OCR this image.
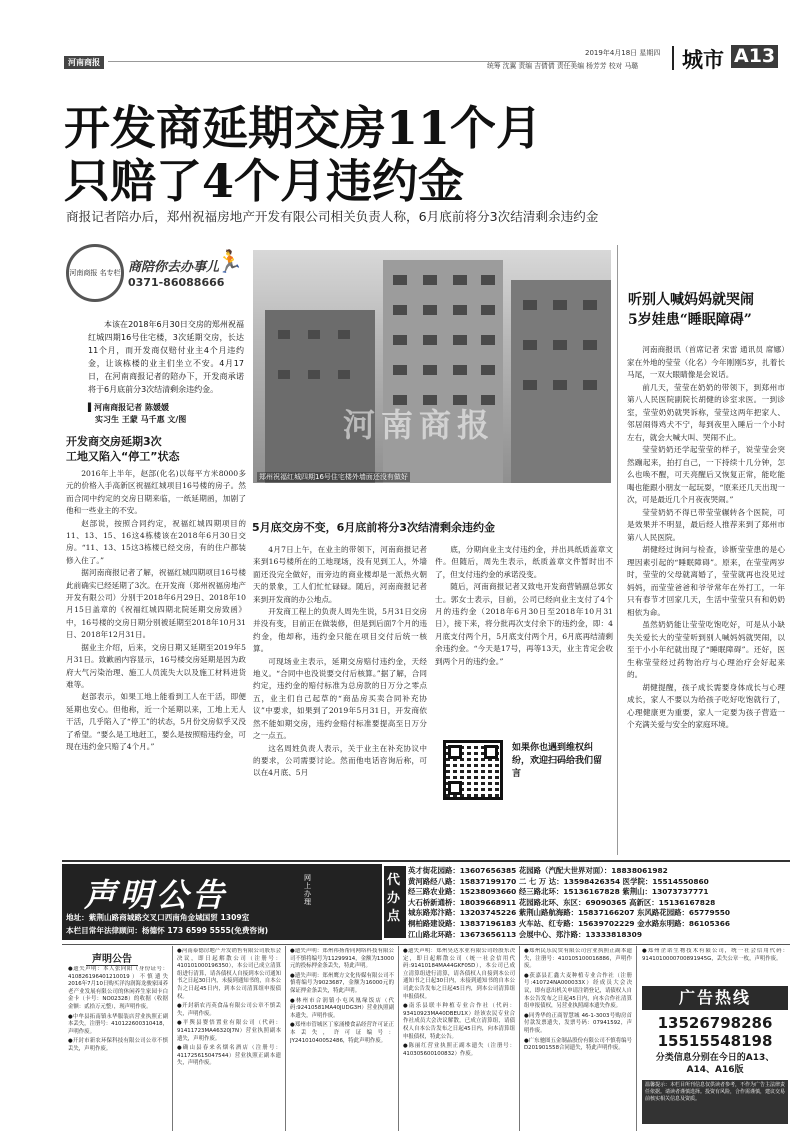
河南商报
2019年4月18日 星期四
统筹 沈翼 责编 吉倩倩 责任美编 杨芳芳 校对 马璐 城市 A13
开发商延期交房11个月
只赔了4个月违约金
商报记者陪办后，郑州祝福房地产开发有限公司相关负责人称，6月底前将分3次结清剩余违约金
河南商报 名专栏 商陪你去办事儿
🏃
0371-86088666
本该在2018年6月30日交房的郑州祝福红城四期16号住宅楼，3次延期交房，长达11个月，而开发商仅赔付业主4个月违约金，让该栋楼的业主们坐立不安。4月17日，在河南商报记者的陪办下，开发商承诺将于6月底前分3次结清剩余违约金。
▌河南商报记者 陈媛媛
实习生 王蒙 马千惠 文/图	河南商报
郑州祝福红城四期16号住宅楼外墙面还没有做好
开发商交房延期3次
工地又陷入“停工”状态

2016年上半年，赵部(化名)以每平方米8000多元的价格入手高新区祝福红城项目16号楼的房子。然而合同中约定的交房日期来临，一纸延期函，加剧了他和一些业主的不安。

赵部说，按照合同约定，祝福红城四期项目的11、13、15、16这4栋楼该在2018年6月30日交房。“11、13、15这3栋楼已经交房，有的住户都装修入住了。”

据河南商报记者了解，祝福红城四期项目16号楼此前确实已经延期了3次。在开发商（郑州祝福房地产开发有限公司）分别于2018年6月29日、2018年10月15日盖章的《祝福红城四期北院延期交房致函》中，16号楼的交房日期分别被延期至2018年10月31日、2018年12月31日。

据业主介绍，后来，交房日期又延期至2019年5月31日。致歉函内容显示，16号楼交房延期是因为政府大气污染治理、施工人员流失大以及施工材料进货难等。

赵部表示，如果工地上能看到工人在干活，即便延期也安心。但他称，近一个延期以来，工地上无人干活，几乎陷入了“停工”的状态，5月份交房似乎又没了希望。“要么是工地赶工，要么是按照赔违约金，可现在违约金只赔了4个月。”

5月底交房不变，6月底前将分3次结清剩余违约金

4月7日上午，在业主的带领下，河南商报记者来到16号楼所在的工地现场，没有见到工人，外墙面还没完全做好，而旁边的商业楼却是一派热火朝天的景象，工人们忙忙碌碌。随后，河南商报记者来到开发商的办公地点。

开发商工程上的负责人周先生说，5月31日交房并没有变，目前正在做装修，但是到后面7个月的违约金，他却称，违约金只能在项目交付后统一核算。

可现场业主表示，延期交房赔付违约金，天经地义。“合同中也没说要交付后核算。”据了解，合同约定，违约金的赔付标准为总房款的日万分之零点五，业主们自己起草的“商品房买卖合同补充协议”中要求，如果到了2019年5月31日，开发商依然不能如期交房，违约金赔付标准要提高至日万分之一点五。

这名周姓负责人表示，关于业主在补充协议中的要求，公司需要讨论。然而他电话咨询后称，可以在4月底、5月

底，分期向业主支付违约金，并出具纸质盖章文件。但随后，周先生表示，纸质盖章文件暂时出不了，但支付违约金的承诺没变。

随后，河南商报记者又致电开发商营销副总郭女士。郭女士表示，目前，公司已经向业主支付了4个月的违约金（2018年6月30日至2018年10月31日），接下来，将分批再次支付余下的违约金，即：4月底支付两个月，5月底支付两个月，6月底再结清剩余违约金。“今天是17号，再等13天，业主肯定会收到两个月的违约金。”

如果你也遇到维权纠纷，欢迎扫码给我们留言
听别人喊妈妈就哭闹
5岁娃患“睡眠障碍”

河南商报讯（首席记者 宋雷 通讯员 席娜）家在外地的莹莹（化名）今年刚刚5岁，扎着长马尾，一双大眼睛像是会说话。

前几天，莹莹在奶奶的带领下，到郑州市第八人民医院副院长胡健的诊室求医。一到诊室，莹莹奶奶就哭诉称，莹莹这两年把家人、邻居闹得鸡犬不宁，每到夜里入睡后一个小时左右，就会大喊大叫、哭闹不止。

莹莹奶奶还学起莹莹的样子，说莹莹会突然蹦起来，拍打自己，一下持续十几分钟，怎么也唤不醒，可天亮醒后又恢复正常，能吃能喝也能跟小朋友一起玩耍，“原来还几天出现一次，可是最近几个月夜夜哭闹。”

莹莹奶奶不得已带莹莹辗转各个医院，可是效果并不明显，最后经人推荐来到了郑州市第八人民医院。

胡健经过询问与检查，诊断莹莹患的是心理因素引起的“睡眠障碍”。原来，在莹莹两岁时，莹莹的父母就离婚了，莹莹就再也没见过妈妈，而莹莹爸爸和爷爷常年在外打工，一年只有春节才回家几天，生活中莹莹只有和奶奶相依为命。

虽然奶奶能让莹莹吃饱吃好，可是从小缺失关爱长大的莹莹听到别人喊妈妈就哭闹，以至于小小年纪就出现了“睡眠障碍”。还好，医生称莹莹经过药物治疗与心理治疗会好起来的。

胡健提醒，孩子成长需要身体成长与心理成长，家人不要以为给孩子吃好吃饱就行了，心理健康更为重要，家人一定要为孩子营造一个充满关爱与安全的家庭环境。

声明公告	网上办理
地址：紫荆山路商城路交叉口西南角金城国贸 1309室
本栏目常年法律顾问：杨德怀 173 6599 5555(免费咨询)
代办点
英才街花园路：13607656385 花园路（汽配大世界对面）：18838061982
黄河路经八路：15837199170 二 七 万 达：13598426354 医学院：15514550860
经三路农业路：15238093660 经三路北环：15136167828 紫荆山：13073737771
大石桥新通桥：18039668911 花园路北环、东区：69090365 高新区：15136167828
城东路郑汴路：13203745226 紫荆山路航海路：15837166207 东风路花园路：65779550
桐柏路建设路：13837196183 火车站、红专路：15639702229 金水路东明路：86105366
江山路北环路：13673656113 会展中心、郑汴路：13333818309
声明公告

●遗失声明：本人张向阳（身份证号：410826196401210019）不慎遗失2016年7月10日购买洋沟润海龙骏家园养老产业发展有限公司的休闲养生家园卡白金卡（卡号：NO02328）的收据（收据金额：贰拾万元整），现声明作废。

●中牟县拓南镇永华服装店营业执照正副本丢失，注册号：410122600310418，声明作废。

●开封市新农环保科技有限公司公章不慎丢失，声明作废。

●河南泰德房地产开发销售有限公司股东会决议，即日起解散公司（注册号：410101000196350），本公司已成立清算组进行清算，请各债权人自接到本公司通知书之日起30日内，未接到通知书的，自本公告之日起45日内，到本公司清算组申报债权。

●开封新农丙英食品有限公司公章不慎丢失，声明作废。

●平舆县婴悟置业有限公司（代码：91411723MA46320J7N）营业执照副本遗失，声明作废。

●确山县春来名烟名酒店（注册号：411725615047544）营业执照正副本遗失，声明作废。

●遗失声明：郑州祎扬帮同网络科技有限公司不慎将编号为11299914，金额为13000元的投标押金条丢失，特此声明。

●遗失声明：郑州鹰方文化传媒有限公司不慎将编号为9023687，金额为16000元的保证押金条丢失，特此声明。

●林州市合润镇小屯风凰缘饭店（代码:92410581MA40JUDG3H）营业执照副本遗失，声明作废。

●郑州市管城区丁家涌楼食品经营许可证正本丢失，许可证编号：JY24101040052486，特此声明作废。

●遗失声明：郑州昊达水业有限公司经股东决定，即日起解散公司（统一社会信用代码:91410184MA44GKF05D），本公司已成立清算组进行清算，请各债权人自接到本公司通知书之日起30日内，未接到通知书的自本公司此公告发布之日起45日内，到本公司清算组申报债权。

●南乐县联丰种植专业合作社（代码：93410923MA40DBEU1X）经该农民专业合作社成员大会决议解散，已成立清算组，请债权人自本公告发布之日起45日内，向本清算组申报债权，特此公告。

●陈丽红营业执照正副本遗失（注册号：410305600100832）作废。

●郑州民乐民贸有限公司营业执照正副本遗失，注册号：410105100016886，声明作废。

●获嘉县汇鑫大麦种植专业合作社（注册号:410724NA000033X）经成员大会决议，即有意出机关申请注销登记，请债权人自本公告发布之日起45日内，向本合作社清算组申报债权，另营业执照副本遗失作废。

●同秀华的正商智慧城 46-1-3003号购房首付款发票遗失，发票号码：07941592，声明作废。

●广东驰图五金制品股份有限公司不慎将编号D201901558合同遗失，特此声明作废。

●郑州企诺生物技术有限公司，统一社会信用代码：9141010000700891945G，丢失公章一枚，声明作废。

广告热线
13526798286
15515548198
分类信息分别在今日的A13、A14、A16版
温馨提示：本栏目所刊信息仅供读者参考，不作为广告主法律责任依据。请读者谨慎选择。投资有风险，合作需谨慎，建议交易前核实相关信息及资质。
